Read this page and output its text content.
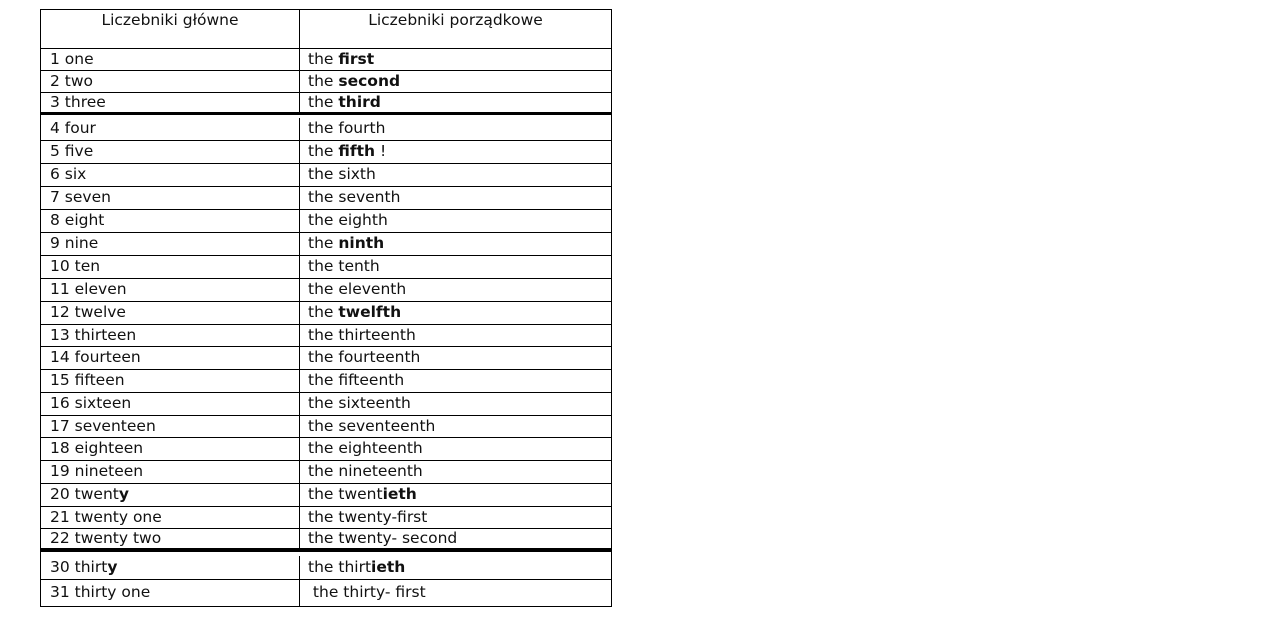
Liczebniki główne	Liczebniki porządkowe
1 one	the first
2 two	the second
3 three	the third
4 four	the fourth
5 five	the fifth !
6 six	the sixth
7 seven	the seventh
8 eight	the eighth
9 nine	the ninth
10 ten	the tenth
11 eleven	the eleventh
12 twelve	the twelfth
13 thirteen	the thirteenth
14 fourteen	the fourteenth
15 fifteen	the fifteenth
16 sixteen	the sixteenth
17 seventeen	the seventeenth
18 eighteen	the eighteenth
19 nineteen	the nineteenth
20 twent y	the twent ieth
21 twenty one	the twenty-first
22 twenty two	the twenty- second
30 thirt y	the thirt ieth
31 thirty one	the thirty- first
